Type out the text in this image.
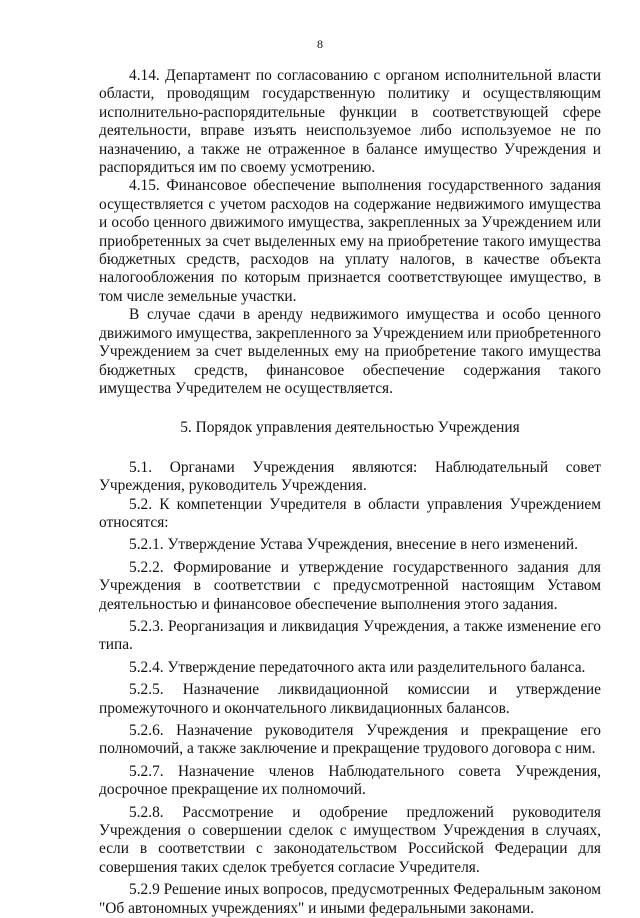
8

4.14. Департамент по согласованию с органом исполнительной власти области, проводящим государственную политику и осуществляющим исполнительно-распорядительные функции в соответствующей сфере деятельности, вправе изъять неиспользуемое либо используемое не по назначению, а также не отраженное в балансе имущество Учреждения и распорядиться им по своему усмотрению.

4.15. Финансовое обеспечение выполнения государственного задания осуществляется с учетом расходов на содержание недвижимого имущества и особо ценного движимого имущества, закрепленных за Учреждением или приобретенных за счет выделенных ему на приобретение такого имущества бюджетных средств, расходов на уплату налогов, в качестве объекта налогообложения по которым признается соответствующее имущество, в том числе земельные участки.

В случае сдачи в аренду недвижимого имущества и особо ценного движимого имущества, закрепленного за Учреждением или приобретенного Учреждением за счет выделенных ему на приобретение такого имущества бюджетных средств, финансовое обеспечение содержания такого имущества Учредителем не осуществляется.

5. Порядок управления деятельностью Учреждения

5.1. Органами Учреждения являются: Наблюдательный совет Учреждения, руководитель Учреждения.

5.2. К компетенции Учредителя в области управления Учреждением относятся:

5.2.1. Утверждение Устава Учреждения, внесение в него изменений.

5.2.2. Формирование и утверждение государственного задания для Учреждения в соответствии с предусмотренной настоящим Уставом деятельностью и финансовое обеспечение выполнения этого задания.

5.2.3. Реорганизация и ликвидация Учреждения, а также изменение его типа.

5.2.4. Утверждение передаточного акта или разделительного баланса.

5.2.5. Назначение ликвидационной комиссии и утверждение промежуточного и окончательного ликвидационных балансов.

5.2.6. Назначение руководителя Учреждения и прекращение его полномочий, а также заключение и прекращение трудового договора с ним.

5.2.7. Назначение членов Наблюдательного совета Учреждения, досрочное прекращение их полномочий.

5.2.8. Рассмотрение и одобрение предложений руководителя Учреждения о совершении сделок с имуществом Учреждения в случаях, если в соответствии с законодательством Российской Федерации для совершения таких сделок требуется согласие Учредителя.

5.2.9 Решение иных вопросов, предусмотренных Федеральным законом "Об автономных учреждениях" и иными федеральными законами.
